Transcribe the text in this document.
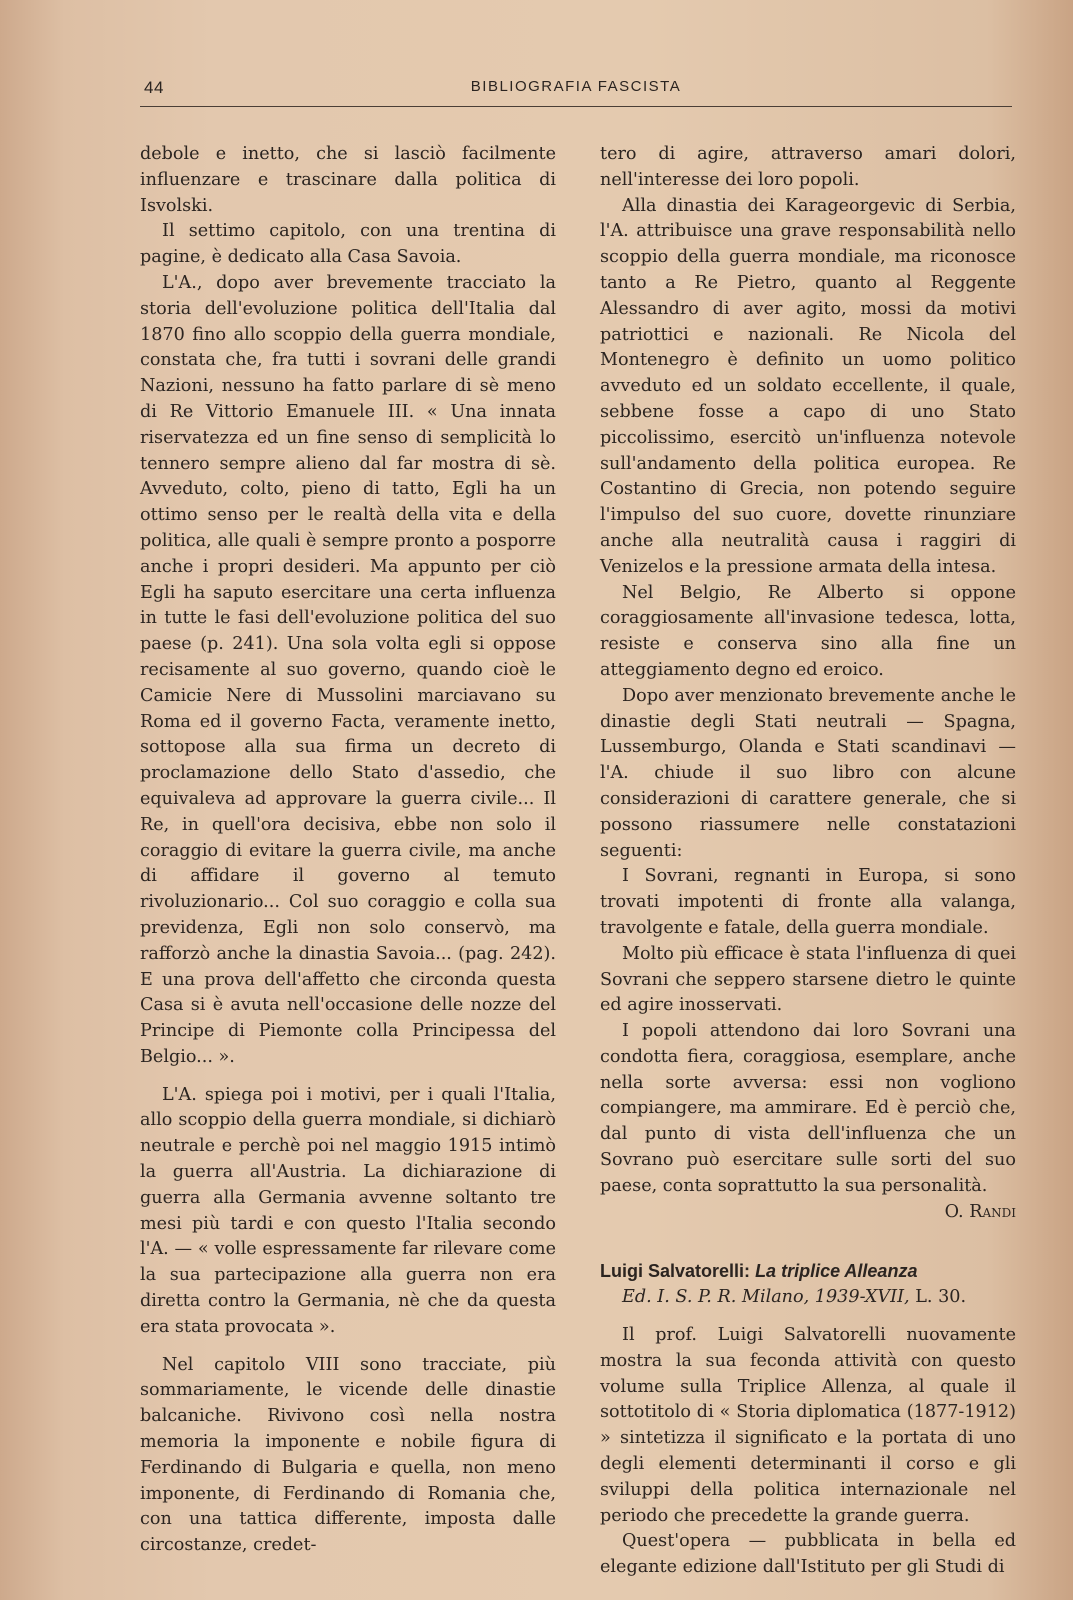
44	BIBLIOGRAFIA FASCISTA

debole e inetto, che si lasciò facilmente influenzare e trascinare dalla politica di Isvolski.

Il settimo capitolo, con una trentina di pagine, è dedicato alla Casa Savoia.

L'A., dopo aver brevemente tracciato la storia dell'evoluzione politica dell'Italia dal 1870 fino allo scoppio della guerra mondiale, constata che, fra tutti i sovrani delle grandi Nazioni, nessuno ha fatto parlare di sè meno di Re Vittorio Emanuele III. « Una innata riservatezza ed un fine senso di semplicità lo tennero sempre alieno dal far mostra di sè. Avveduto, colto, pieno di tatto, Egli ha un ottimo senso per le realtà della vita e della politica, alle quali è sempre pronto a posporre anche i propri desideri. Ma appunto per ciò Egli ha saputo esercitare una certa influenza in tutte le fasi dell'evoluzione politica del suo paese (p. 241). Una sola volta egli si oppose recisamente al suo governo, quando cioè le Camicie Nere di Mussolini marciavano su Roma ed il governo Facta, veramente inetto, sottopose alla sua firma un decreto di proclamazione dello Stato d'assedio, che equivaleva ad approvare la guerra civile... Il Re, in quell'ora decisiva, ebbe non solo il coraggio di evitare la guerra civile, ma anche di affidare il governo al temuto rivoluzionario... Col suo coraggio e colla sua previdenza, Egli non solo conservò, ma rafforzò anche la dinastia Savoia... (pag. 242). E una prova dell'affetto che circonda questa Casa si è avuta nell'occasione delle nozze del Principe di Piemonte colla Principessa del Belgio... ».

L'A. spiega poi i motivi, per i quali l'Italia, allo scoppio della guerra mondiale, si dichiarò neutrale e perchè poi nel maggio 1915 intimò la guerra all'Austria. La dichiarazione di guerra alla Germania avvenne soltanto tre mesi più tardi e con questo l'Italia secondo l'A. — « volle espressamente far rilevare come la sua partecipazione alla guerra non era diretta contro la Germania, nè che da questa era stata provocata ».

Nel capitolo VIII sono tracciate, più sommariamente, le vicende delle dinastie balcaniche. Rivivono così nella nostra memoria la imponente e nobile figura di Ferdinando di Bulgaria e quella, non meno imponente, di Ferdinando di Romania che, con una tattica differente, imposta dalle circostanze, credet-

tero di agire, attraverso amari dolori, nell'interesse dei loro popoli.

Alla dinastia dei Karageorgevic di Serbia, l'A. attribuisce una grave responsabilità nello scoppio della guerra mondiale, ma riconosce tanto a Re Pietro, quanto al Reggente Alessandro di aver agito, mossi da motivi patriottici e nazionali. Re Nicola del Montenegro è definito un uomo politico avveduto ed un soldato eccellente, il quale, sebbene fosse a capo di uno Stato piccolissimo, esercitò un'influenza notevole sull'andamento della politica europea. Re Costantino di Grecia, non potendo seguire l'impulso del suo cuore, dovette rinunziare anche alla neutralità causa i raggiri di Venizelos e la pressione armata della intesa.

Nel Belgio, Re Alberto si oppone coraggiosamente all'invasione tedesca, lotta, resiste e conserva sino alla fine un atteggiamento degno ed eroico.

Dopo aver menzionato brevemente anche le dinastie degli Stati neutrali — Spagna, Lussemburgo, Olanda e Stati scandinavi — l'A. chiude il suo libro con alcune considerazioni di carattere generale, che si possono riassumere nelle constatazioni seguenti:

I Sovrani, regnanti in Europa, si sono trovati impotenti di fronte alla valanga, travolgente e fatale, della guerra mondiale.

Molto più efficace è stata l'influenza di quei Sovrani che seppero starsene dietro le quinte ed agire inosservati.

I popoli attendono dai loro Sovrani una condotta fiera, coraggiosa, esemplare, anche nella sorte avversa: essi non vogliono compiangere, ma ammirare. Ed è perciò che, dal punto di vista dell'influenza che un Sovrano può esercitare sulle sorti del suo paese, conta soprattutto la sua personalità.

O. Randi

Luigi Salvatorelli: La triplice Alleanza

Ed. I. S. P. R. Milano, 1939-XVII, L. 30.

Il prof. Luigi Salvatorelli nuovamente mostra la sua feconda attività con questo volume sulla Triplice Allenza, al quale il sottotitolo di « Storia diplomatica (1877-1912) » sintetizza il significato e la portata di uno degli elementi determinanti il corso e gli sviluppi della politica internazionale nel periodo che precedette la grande guerra.

Quest'opera — pubblicata in bella ed elegante edizione dall'Istituto per gli Studi di
